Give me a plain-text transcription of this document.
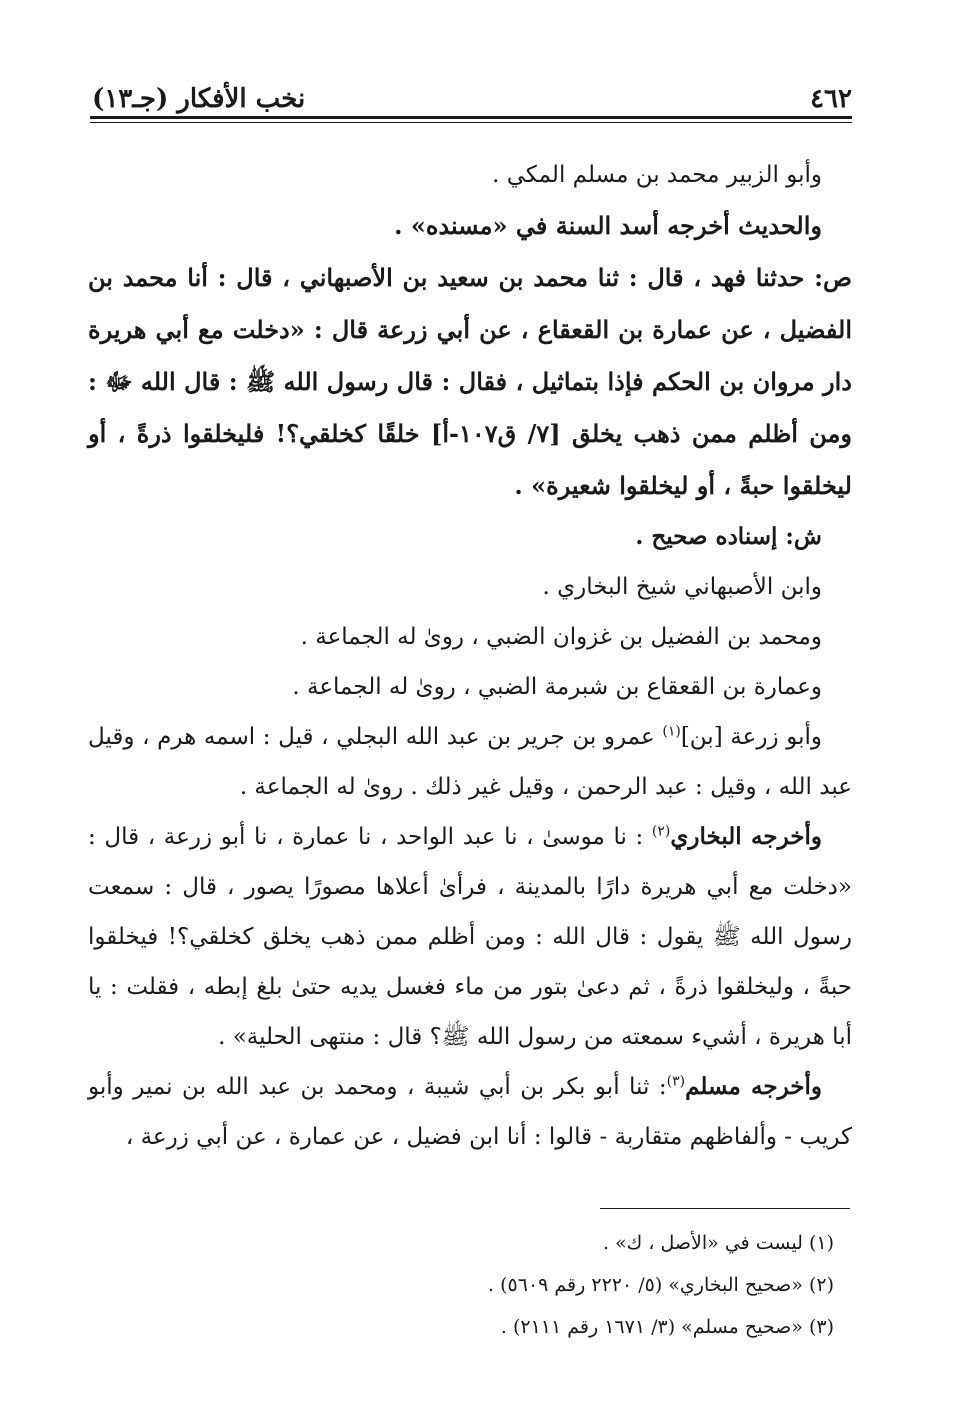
نخب الأفكار (جـ١٣)	٤٦٢

وأبو الزبير محمد بن مسلم المكي .

والحديث أخرجه أسد السنة في «مسنده» .

ص: حدثنا فهد ، قال : ثنا محمد بن سعيد بن الأصبهاني ، قال : أنا محمد بن الفضيل ، عن عمارة بن القعقاع ، عن أبي زرعة قال : «دخلت مع أبي هريرة دار مروان بن الحكم فإذا بتماثيل ، فقال : قال رسول الله ﷺ : قال الله ﷻ : ومن أظلم ممن ذهب يخلق [٧/ ق١٠٧-أ] خلقًا كخلقي؟! فليخلقوا ذرةً ، أو ليخلقوا حبةً ، أو ليخلقوا شعيرة» .

ش: إسناده صحيح .

وابن الأصبهاني شيخ البخاري .

ومحمد بن الفضيل بن غزوان الضبي ، روىٰ له الجماعة .

وعمارة بن القعقاع بن شبرمة الضبي ، روىٰ له الجماعة .

وأبو زرعة [بن]$^{(١)}$ عمرو بن جرير بن عبد الله البجلي ، قيل : اسمه هرم ، وقيل عبد الله ، وقيل : عبد الرحمن ، وقيل غير ذلك . روىٰ له الجماعة .

وأخرجه البخاري$^{(٢)}$ : نا موسىٰ ، نا عبد الواحد ، نا عمارة ، نا أبو زرعة ، قال : «دخلت مع أبي هريرة دارًا بالمدينة ، فرأىٰ أعلاها مصورًا يصور ، قال : سمعت رسول الله ﷺ يقول : قال الله : ومن أظلم ممن ذهب يخلق كخلقي؟! فيخلقوا حبةً ، وليخلقوا ذرةً ، ثم دعىٰ بتور من ماء فغسل يديه حتىٰ بلغ إبطه ، فقلت : يا أبا هريرة ، أشيء سمعته من رسول الله ﷺ؟ قال : منتهى الحلية» .

وأخرجه مسلم$^{(٣)}$: ثنا أبو بكر بن أبي شيبة ، ومحمد بن عبد الله بن نمير وأبو كريب - وألفاظهم متقاربة - قالوا : أنا ابن فضيل ، عن عمارة ، عن أبي زرعة ،

(١) ليست في «الأصل ، ك» .
(٢) «صحيح البخاري» (٥/ ٢٢٢٠ رقم ٥٦٠٩) .
(٣) «صحيح مسلم» (٣/ ١٦٧١ رقم ٢١١١) .
